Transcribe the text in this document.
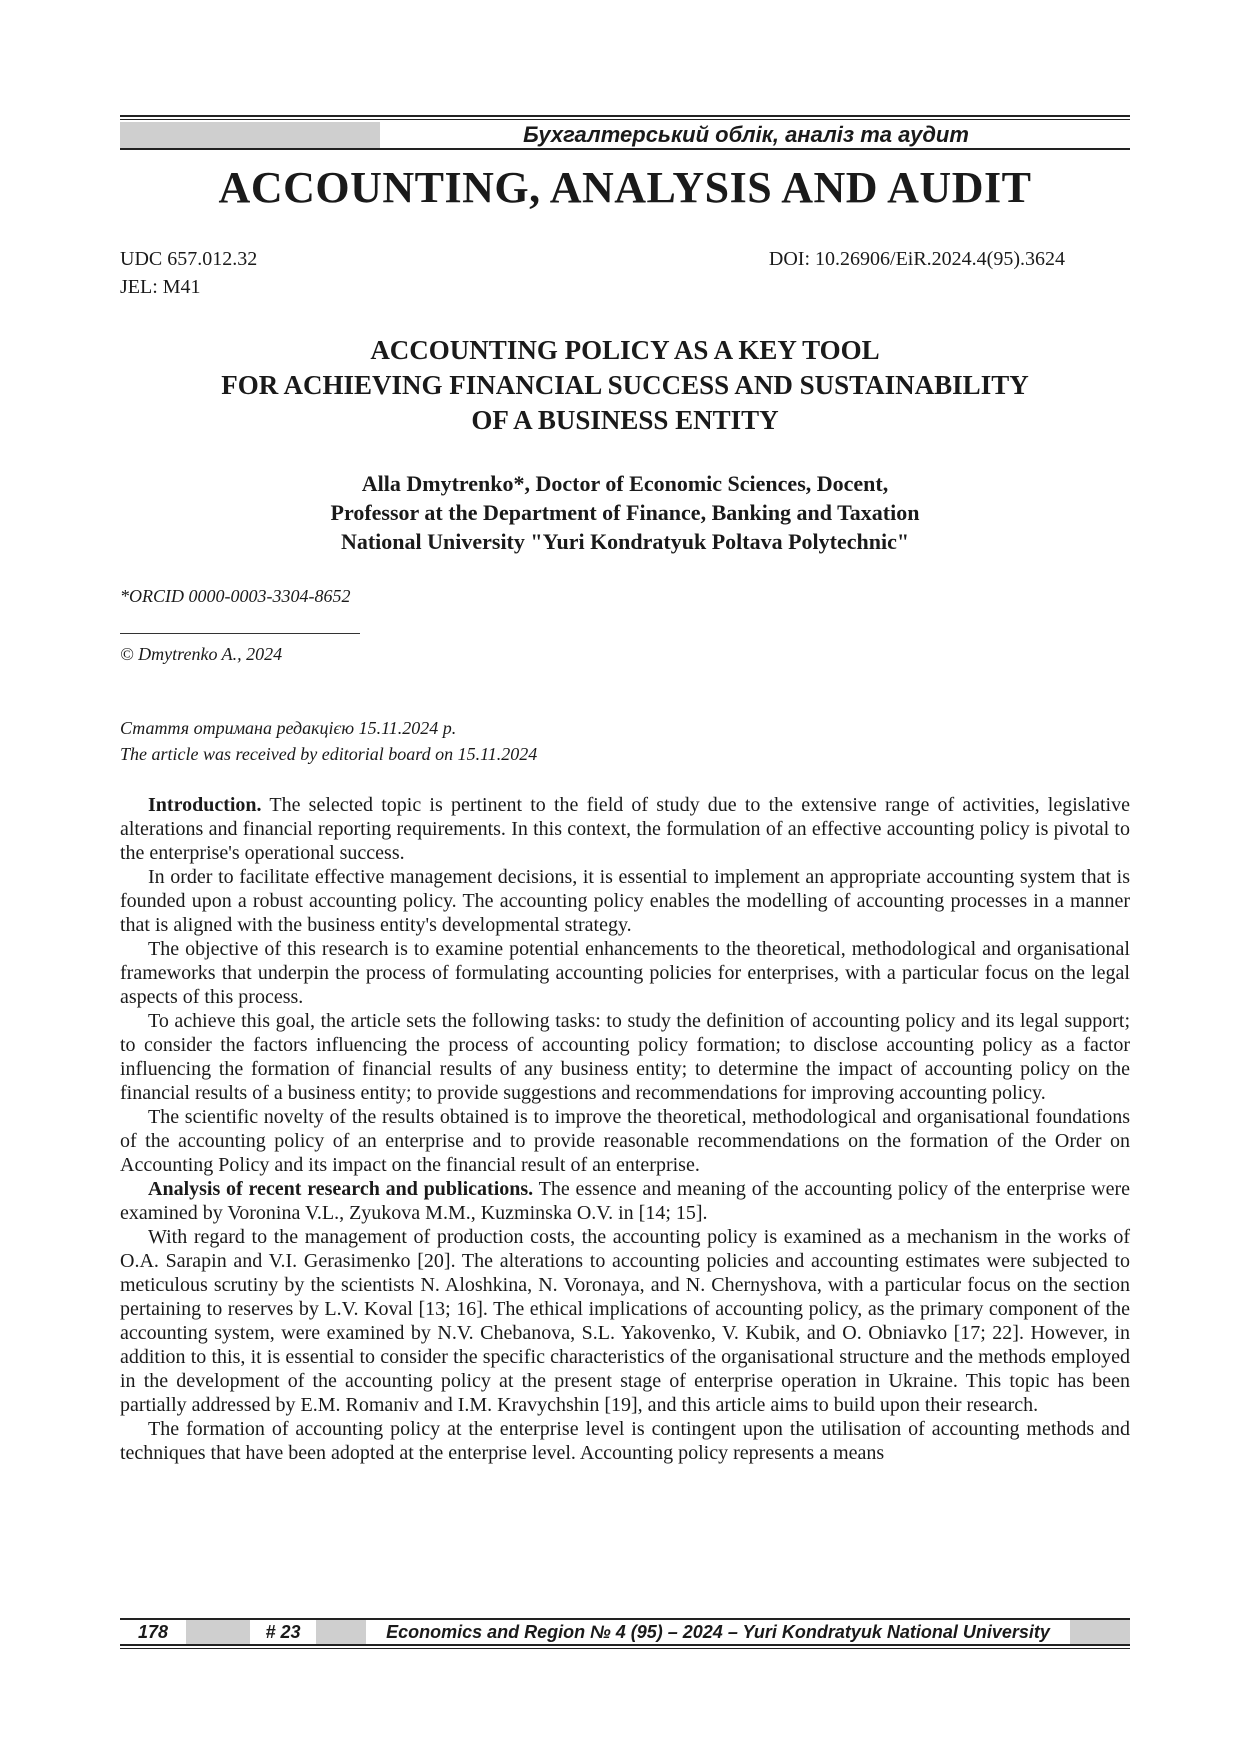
Бухгалтерський облік, аналіз та аудит
ACCOUNTING, ANALYSIS AND AUDIT
UDC 657.012.32	DOI: 10.26906/EiR.2024.4(95).3624
JEL: M41
ACCOUNTING POLICY AS A KEY TOOL
FOR ACHIEVING FINANCIAL SUCCESS AND SUSTAINABILITY
OF A BUSINESS ENTITY
Alla Dmytrenko*, Doctor of Economic Sciences, Docent,
Professor at the Department of Finance, Banking and Taxation
National University "Yuri Kondratyuk Poltava Polytechnic"
*ORCID 0000-0003-3304-8652
© Dmytrenko A., 2024
Стаття отримана редакцією 15.11.2024 р.
The article was received by editorial board on 15.11.2024

Introduction. The selected topic is pertinent to the field of study due to the extensive range of activities, legislative alterations and financial reporting requirements. In this context, the formulation of an effective accounting policy is pivotal to the enterprise's operational success.

In order to facilitate effective management decisions, it is essential to implement an appropriate accounting system that is founded upon a robust accounting policy. The accounting policy enables the modelling of accounting processes in a manner that is aligned with the business entity's developmental strategy.

The objective of this research is to examine potential enhancements to the theoretical, methodological and organisational frameworks that underpin the process of formulating accounting policies for enterprises, with a particular focus on the legal aspects of this process.

To achieve this goal, the article sets the following tasks: to study the definition of accounting policy and its legal support; to consider the factors influencing the process of accounting policy formation; to disclose accounting policy as a factor influencing the formation of financial results of any business entity; to determine the impact of accounting policy on the financial results of a business entity; to provide suggestions and recommendations for improving accounting policy.

The scientific novelty of the results obtained is to improve the theoretical, methodological and organisational foundations of the accounting policy of an enterprise and to provide reasonable recommendations on the formation of the Order on Accounting Policy and its impact on the financial result of an enterprise.

Analysis of recent research and publications. The essence and meaning of the accounting policy of the enterprise were examined by Voronina V.L., Zyukova M.M., Kuzminska O.V. in [14; 15].

With regard to the management of production costs, the accounting policy is examined as a mechanism in the works of O.A. Sarapin and V.I. Gerasimenko [20]. The alterations to accounting policies and accounting estimates were subjected to meticulous scrutiny by the scientists N. Aloshkina, N. Voronaya, and N. Chernyshova, with a particular focus on the section pertaining to reserves by L.V. Koval [13; 16]. The ethical implications of accounting policy, as the primary component of the accounting system, were examined by N.V. Chebanova, S.L. Yakovenko, V. Kubik, and O. Obniavko [17; 22]. However, in addition to this, it is essential to consider the specific characteristics of the organisational structure and the methods employed in the development of the accounting policy at the present stage of enterprise operation in Ukraine. This topic has been partially addressed by E.M. Romaniv and I.M. Kravychshin [19], and this article aims to build upon their research.

The formation of accounting policy at the enterprise level is contingent upon the utilisation of accounting methods and techniques that have been adopted at the enterprise level. Accounting policy represents a means

178	# 23	Economics and Region № 4 (95) – 2024 – Yuri Kondratyuk National University
